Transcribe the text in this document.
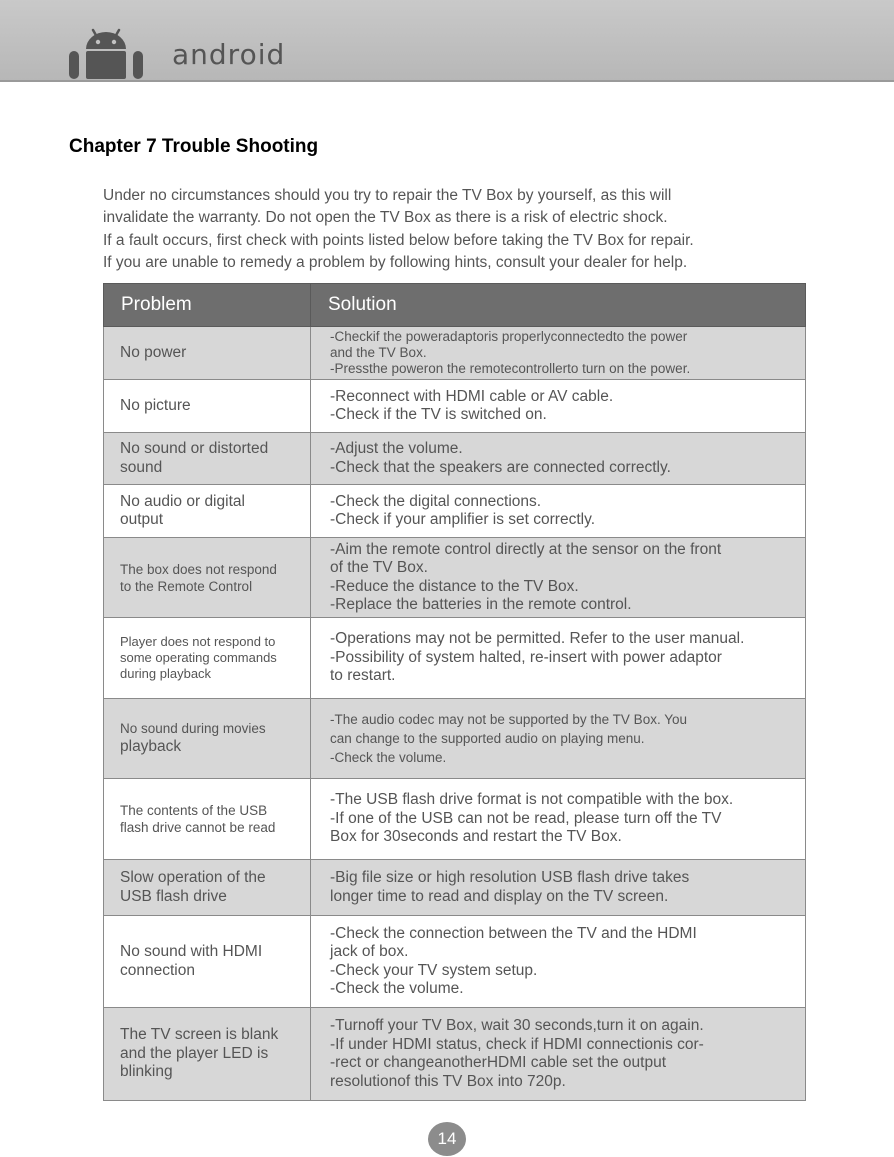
android
Chapter 7 Trouble Shooting

Under no circumstances should you try to repair the TV Box by yourself, as this will

invalidate the warranty. Do not open the TV Box as there is a risk of electric shock.

If a fault occurs, first check with points listed below before taking the TV Box for repair.

If you are unable to remedy a problem by following hints, consult your dealer for help.

Problem	Solution

No power	-Checkif the poweradaptoris properlyconnectedto the power
and the TV Box.
-Pressthe poweron the remotecontrollerto turn on the power.

No picture	-Reconnect with HDMI cable or AV cable.
-Check if the TV is switched on.

No sound or distorted
sound	-Adjust the volume.
-Check that the speakers are connected correctly.

No audio or digital
output	-Check the digital connections.
-Check if your amplifier is set correctly.

The box does not respond
to the Remote Control	-Aim the remote control directly at the sensor on the front
of the TV Box.
-Reduce the distance to the TV Box.
-Replace the batteries in the remote control.

Player does not respond to
some operating commands
during playback	-Operations may not be permitted. Refer to the user manual.
-Possibility of system halted, re-insert with power adaptor
to restart.

No sound during movies
playback	-The audio codec may not be supported by the TV Box. You
can change to the supported audio on playing menu.
-Check the volume.

The contents of the USB
flash drive cannot be read	-The USB flash drive format is not compatible with the box.
-If one of the USB can not be read, please turn off the TV
Box for 30seconds and restart the TV Box.

Slow operation of the
USB flash drive	-Big file size or high resolution USB flash drive takes
longer time to read and display on the TV screen.

No sound with HDMI
connection	-Check the connection between the TV and the HDMI
jack of box.
-Check your TV system setup.
-Check the volume.

The TV screen is blank
and the player LED is
blinking	-Turnoff your TV Box, wait 30 seconds,turn it on again.
-If under HDMI status, check if HDMI connectionis cor-
-rect or changeanotherHDMI cable set the output
resolutionof this TV Box into 720p.
14
